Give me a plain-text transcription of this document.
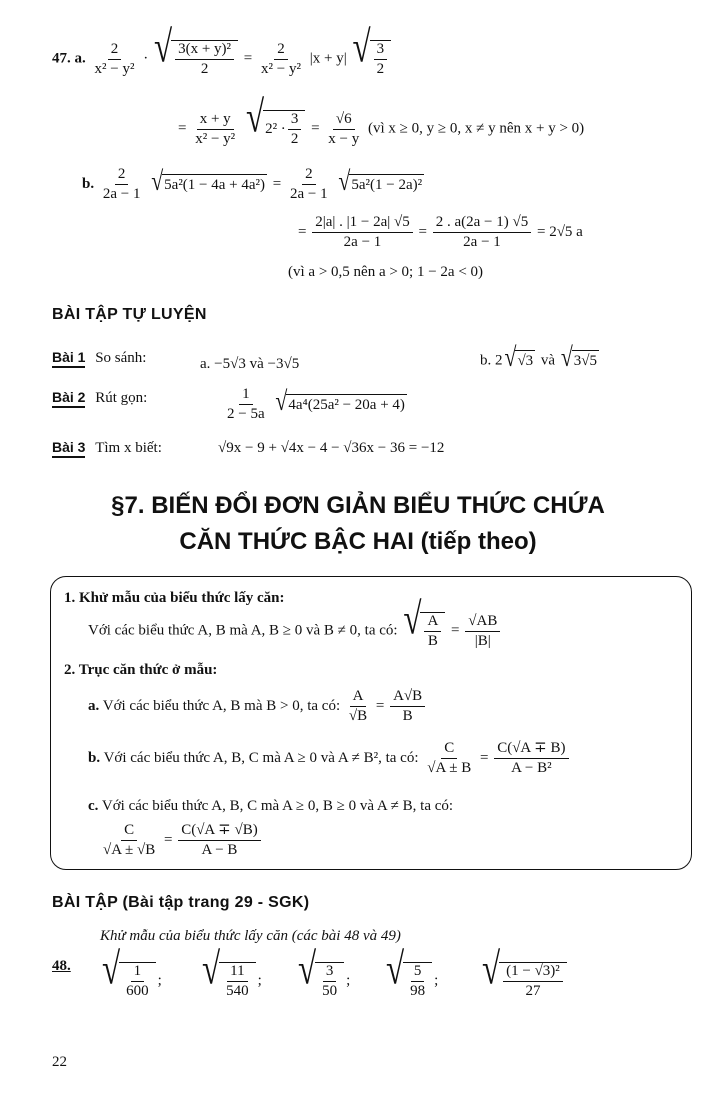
47. a. $\frac{2}{\text{x² − y²}}$ · √ $\frac{\text{3(x + y)²}}{2} = \frac{2}{\text{x² − y²}} |x + y|$ √ $\frac{3}{2}$
= $\frac{x + y}{\text{x² − y²}}$
√ $2^2 \cdot \frac{3}{2} = \frac{√6}{x - y}$ (vì x ≥ 0, y ≥ 0, x ≠ y nên x + y > 0)
b. $\frac{2}{2a - 1}$
√ $5a^2(1 - 4a + 4a^2) = \frac{2}{2a - 1}$
√ 5a²(1 − 2a)²
= $\frac{2|a| . |1 - 2a| √5}{2a - 1} = \frac{2 . a(2a - 1) √5}{2a - 1} = 2√5$ a
(vì a > 0,5 nên a > 0; 1 − 2a < 0)
BÀI TẬP TỰ LUYỆN
Bài 1 So sánh:	a. −5√3 và −3√5	b. 2 √ √3 và √ 3√5
Bài 2 Rút gọn:	$\frac{1}{2 - 5a}$
√ 4a⁴(25a² − 20a + 4)
Bài 3 Tìm x biết:	√9x − 9 + √4x − 4 − √36x − 36 = −12
§7. BIẾN ĐỔI ĐƠN GIẢN BIỂU THỨC CHỨA
CĂN THỨC BẬC HAI (tiếp theo)
1. Khử mẫu của biểu thức lấy căn:
Với các biểu thức A, B mà A, B ≥ 0 và B ≠ 0, ta có: √ $\frac{A}{B} = \frac{√AB}{|B|}$
2. Trục căn thức ở mẫu:
a. Với các biểu thức A, B mà B > 0, ta có: $\frac{A}{√B} = \frac{A√B}{B}$
b. Với các biểu thức A, B, C mà A ≥ 0 và A ≠ B², ta có: $\frac{C}{√A \pm B} = \frac{C(√A \mp B)}{\text{A − B²}}$
c. Với các biểu thức A, B, C mà A ≥ 0, B ≥ 0 và A ≠ B, ta có:
$\frac{C}{√A \pm √B} = \frac{C(√A \mp √B)}{A - B}$
BÀI TẬP (Bài tập trang 29 - SGK)
Khử mẫu của biểu thức lấy căn (các bài 48 và 49)
48. √ $\frac{1}{600}$ ; √ $\frac{11}{540}$ ; √ $\frac{3}{50}$ ; √ $\frac{5}{98}$ ; √ $\frac{\text{(1 − √3)²}}{27}$
22
